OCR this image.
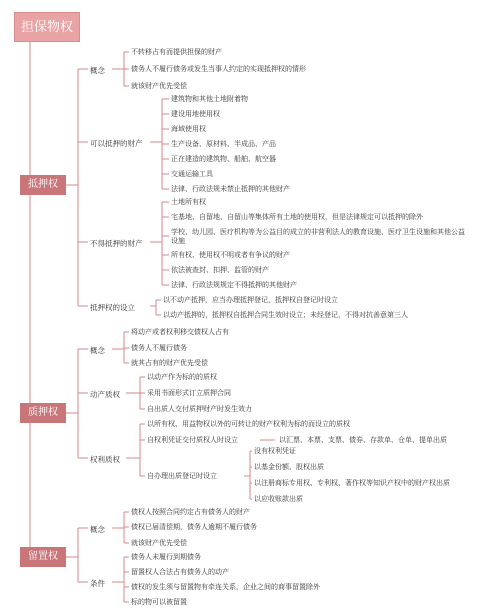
担保物权
抵押权
质押权
留置权
概念
不转移占有而提供担保的财产
债务人不履行债务或发生当事人约定的实现抵押权的情形
就该财产优先受偿
可以抵押的财产
建筑物和其他土地附着物
建设用地使用权
海域使用权
生产设备、原材料、半成品、产品
正在建造的建筑物、船舶、航空器
交通运输工具
法律、行政法规未禁止抵押的其他财产
不得抵押的财产
土地所有权
宅基地、自留地、自留山等集体所有土地的使用权，但是法律规定可以抵押的除外
学校、幼儿园、医疗机构等为公益目的成立的非营利法人的教育设施、医疗卫生设施和其他公益设施
所有权、使用权不明或者有争议的财产
依法被查封、扣押、监管的财产
法律、行政法规规定不得抵押的其他财产
抵押权的设立
以不动产抵押，应当办理抵押登记，抵押权自登记时设立
以动产抵押的，抵押权自抵押合同生效时设立；未经登记，不得对抗善意第三人
概念
将动产或者权利移交债权人占有
债务人不履行债务
就其占有的财产优先受偿
动产质权
以动产作为标的的质权
采用书面形式订立质押合同
自出质人交付质押财产时发生效力
权利质权
以所有权、用益物权以外的可转让的财产权利为标的而设立的质权
自权利凭证交付质权人时设立	以汇票、本票、支票、债券、存款单、仓单、提单出质
自办理出质登记时设立
没有权利凭证
以基金份额、股权出质
以注册商标专用权、专利权、著作权等知识产权中的财产权出质
以应收账款出质
概念
债权人按照合同约定占有债务人的财产
债权已届清偿期，债务人逾期不履行债务
就该财产优先受偿
条件
债务人未履行到期债务
留置权人合法占有债务人的动产
债权的发生须与留置物有牵连关系，企业之间的商事留置除外
标的物可以被留置
